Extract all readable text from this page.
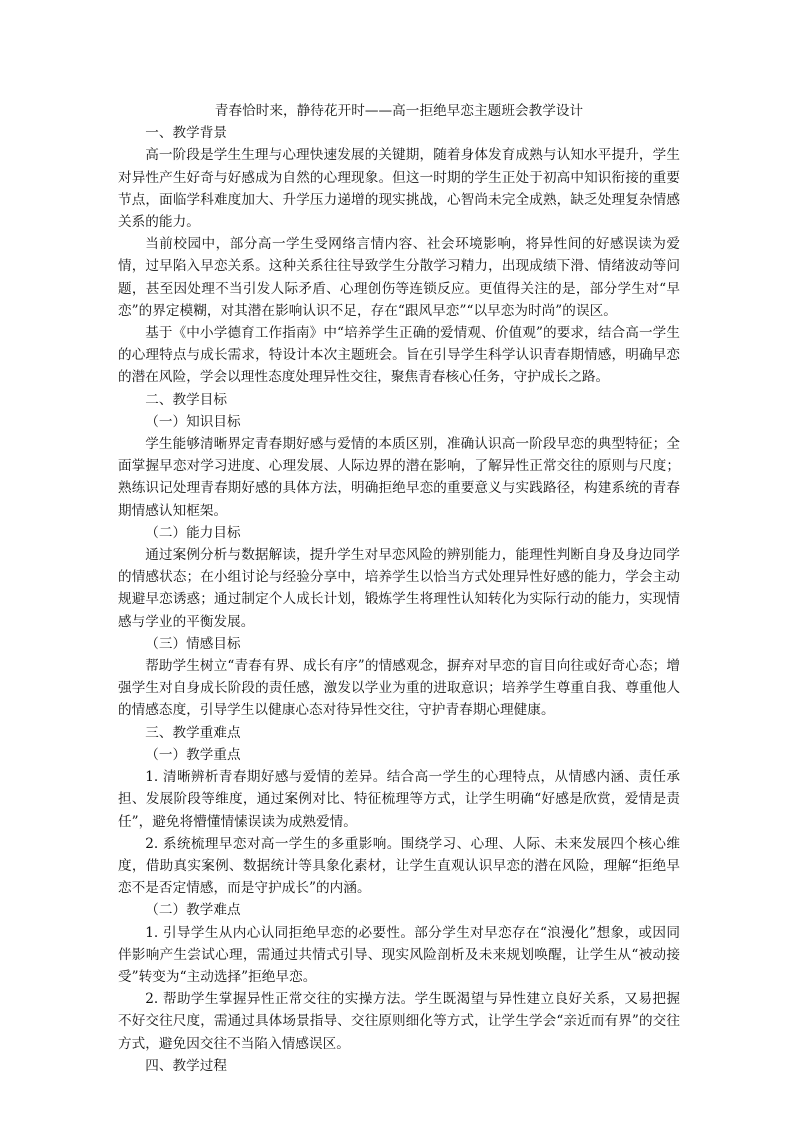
青春恰时来，静待花开时——高一拒绝早恋主题班会教学设计

一、教学背景

高一阶段是学生生理与心理快速发展的关键期，随着身体发育成熟与认知水平提升，学生对异性产生好奇与好感成为自然的心理现象。但这一时期的学生正处于初高中知识衔接的重要节点，面临学科难度加大、升学压力递增的现实挑战，心智尚未完全成熟，缺乏处理复杂情感关系的能力。

当前校园中，部分高一学生受网络言情内容、社会环境影响，将异性间的好感误读为爱情，过早陷入早恋关系。这种关系往往导致学生分散学习精力，出现成绩下滑、情绪波动等问题，甚至因处理不当引发人际矛盾、心理创伤等连锁反应。更值得关注的是，部分学生对“早恋”的界定模糊，对其潜在影响认识不足，存在“跟风早恋”“以早恋为时尚”的误区。

基于《中小学德育工作指南》中“培养学生正确的爱情观、价值观”的要求，结合高一学生的心理特点与成长需求，特设计本次主题班会。旨在引导学生科学认识青春期情感，明确早恋的潜在风险，学会以理性态度处理异性交往，聚焦青春核心任务，守护成长之路。

二、教学目标

（一）知识目标

学生能够清晰界定青春期好感与爱情的本质区别，准确认识高一阶段早恋的典型特征；全面掌握早恋对学习进度、心理发展、人际边界的潜在影响，了解异性正常交往的原则与尺度；熟练识记处理青春期好感的具体方法，明确拒绝早恋的重要意义与实践路径，构建系统的青春期情感认知框架。

（二）能力目标

通过案例分析与数据解读，提升学生对早恋风险的辨别能力，能理性判断自身及身边同学的情感状态；在小组讨论与经验分享中，培养学生以恰当方式处理异性好感的能力，学会主动规避早恋诱惑；通过制定个人成长计划，锻炼学生将理性认知转化为实际行动的能力，实现情感与学业的平衡发展。

（三）情感目标

帮助学生树立“青春有界、成长有序”的情感观念，摒弃对早恋的盲目向往或好奇心态；增强学生对自身成长阶段的责任感，激发以学业为重的进取意识；培养学生尊重自我、尊重他人的情感态度，引导学生以健康心态对待异性交往，守护青春期心理健康。

三、教学重难点

（一）教学重点

1. 清晰辨析青春期好感与爱情的差异。结合高一学生的心理特点，从情感内涵、责任承担、发展阶段等维度，通过案例对比、特征梳理等方式，让学生明确“好感是欣赏，爱情是责任”，避免将懵懂情愫误读为成熟爱情。

2. 系统梳理早恋对高一学生的多重影响。围绕学习、心理、人际、未来发展四个核心维度，借助真实案例、数据统计等具象化素材，让学生直观认识早恋的潜在风险，理解“拒绝早恋不是否定情感，而是守护成长”的内涵。

（二）教学难点

1. 引导学生从内心认同拒绝早恋的必要性。部分学生对早恋存在“浪漫化”想象，或因同伴影响产生尝试心理，需通过共情式引导、现实风险剖析及未来规划唤醒，让学生从“被动接受”转变为“主动选择”拒绝早恋。

2. 帮助学生掌握异性正常交往的实操方法。学生既渴望与异性建立良好关系，又易把握不好交往尺度，需通过具体场景指导、交往原则细化等方式，让学生学会“亲近而有界”的交往方式，避免因交往不当陷入情感误区。

四、教学过程
